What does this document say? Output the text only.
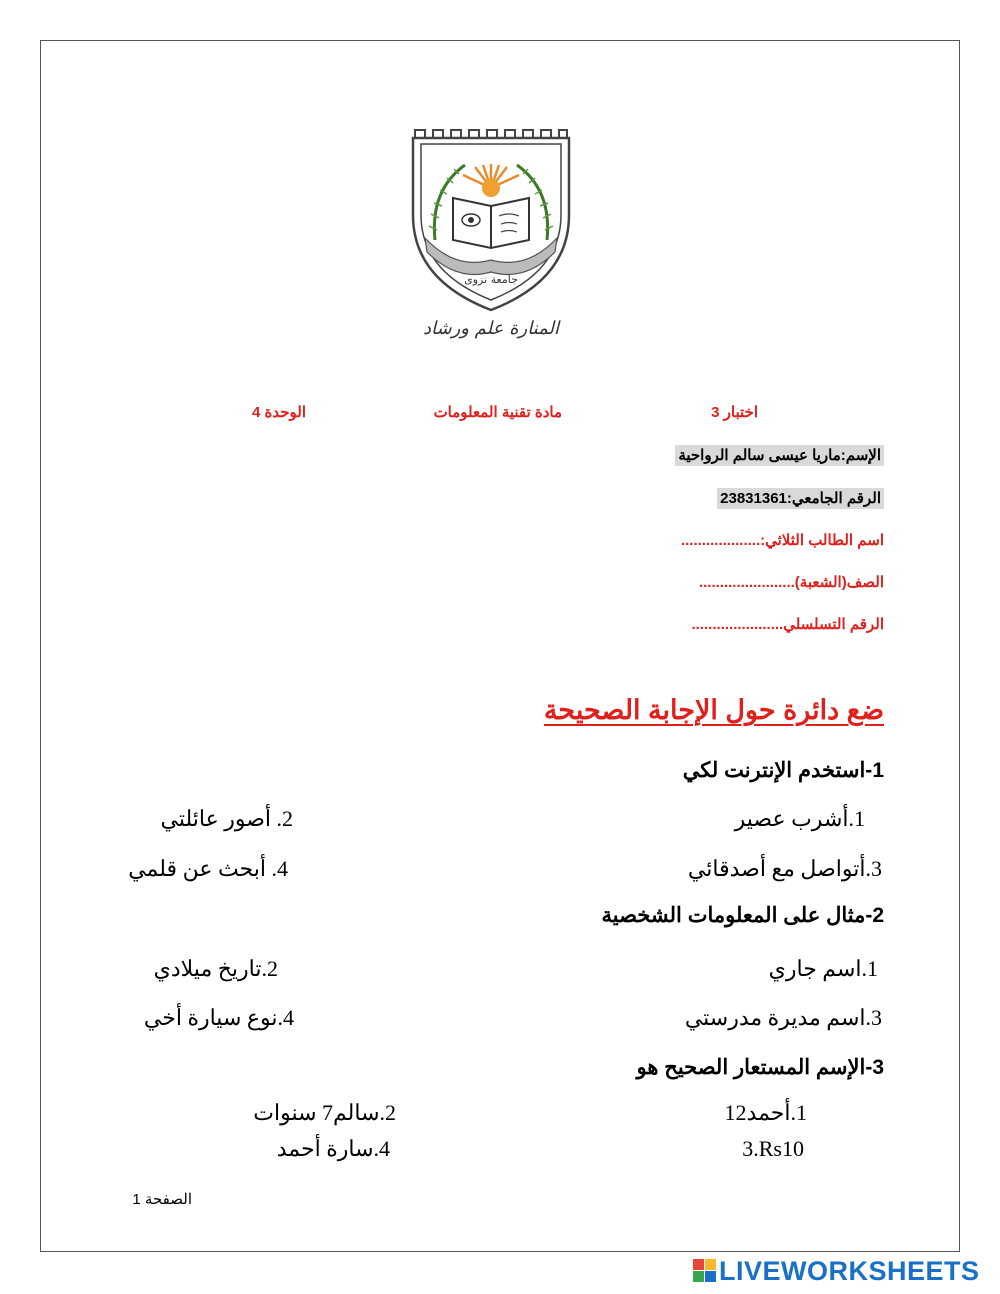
جامعة نزوى
المنارة علم ورشاد
اختبار 3
مادة تقنية المعلومات
الوحدة 4
الإسم:ماريا عيسى سالم الرواحية
الرقم الجامعي:23831361
اسم الطالب الثلاثي:...................
الصف(الشعبة).......................
الرقم التسلسلي......................
ضع دائرة حول الإجابة الصحيحة
1-استخدم الإنترنت لكي
1.أشرب عصير
2. أصور عائلتي
3.أتواصل مع أصدقائي
4. أبحث عن قلمي
2-مثال على المعلومات الشخصية
1.اسم جاري
2.تاريخ ميلادي
3.اسم مديرة مدرستي
4.نوع سيارة أخي
3-الإسم المستعار الصحيح هو
1.أحمد12
2.سالم7 سنوات
3.Rs10
4.سارة أحمد
الصفحة 1
LIVEWORKSHEETS
